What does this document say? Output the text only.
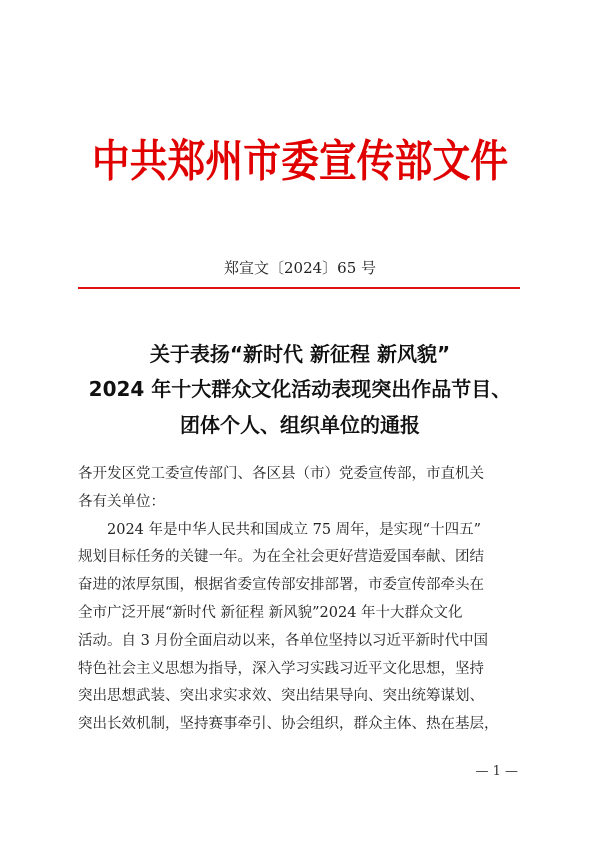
中共郑州市委宣传部文件
郑宣文〔2024〕65 号
关于表扬“新时代 新征程 新风貌”
2024 年十大群众文化活动表现突出作品节目、
团体个人、组织单位的通报
各开发区党工委宣传部门、各区县（市）党委宣传部，市直机关
各有关单位：
2024 年是中华人民共和国成立 75 周年，是实现“十四五”
规划目标任务的关键一年。为在全社会更好营造爱国奉献、团结
奋进的浓厚氛围，根据省委宣传部安排部署，市委宣传部牵头在
全市广泛开展“新时代 新征程 新风貌”2024 年十大群众文化
活动。自 3 月份全面启动以来，各单位坚持以习近平新时代中国
特色社会主义思想为指导，深入学习实践习近平文化思想，坚持
突出思想武装、突出求实求效、突出结果导向、突出统筹谋划、
突出长效机制，坚持赛事牵引、协会组织，群众主体、热在基层，
— 1 —
